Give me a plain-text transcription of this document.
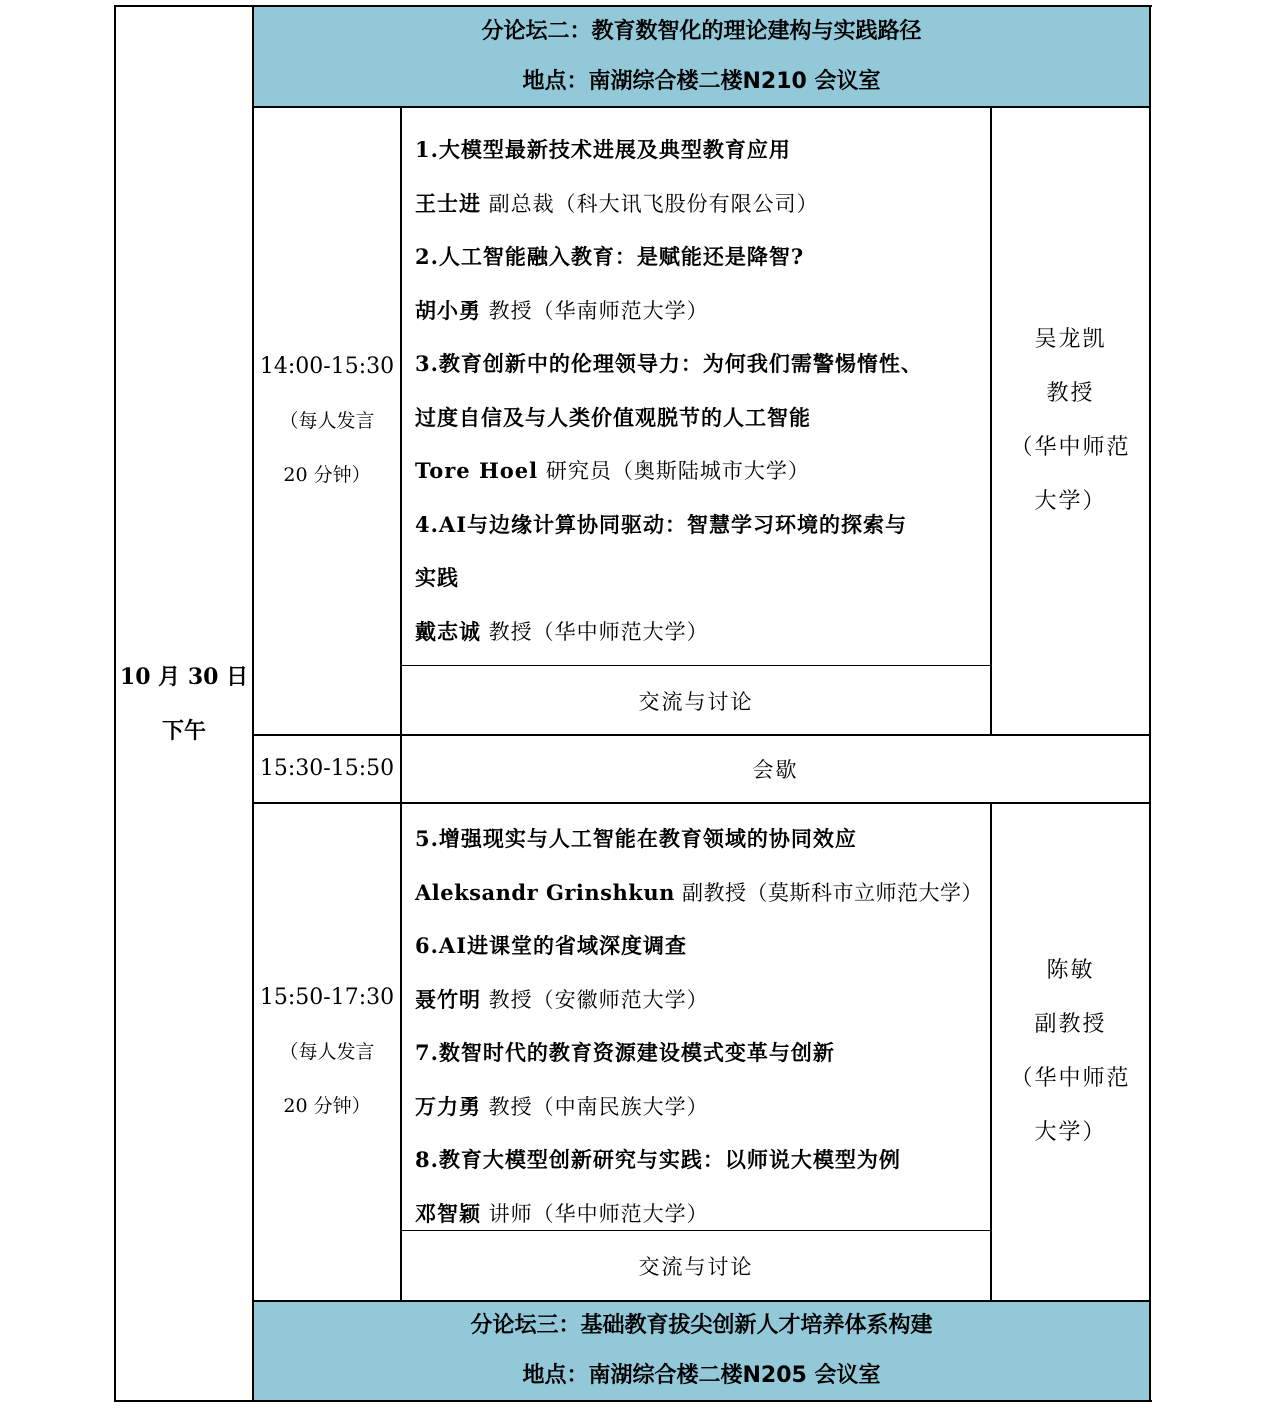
分论坛二：教育数智化的理论建构与实践路径
地点：南湖综合楼二楼N210 会议室
分论坛三：基础教育拔尖创新人才培养体系构建
地点：南湖综合楼二楼N205 会议室
10 月 30 日
下午
14:00-15:30
（每人发言
20 分钟）
1.大模型最新技术进展及典型教育应用
王士进 副总裁（科大讯飞股份有限公司）
2.人工智能融入教育：是赋能还是降智?
胡小勇 教授（华南师范大学）
3.教育创新中的伦理领导力：为何我们需警惕惰性、
过度自信及与人类价值观脱节的人工智能
Tore Hoel 研究员（奥斯陆城市大学）
4.AI与边缘计算协同驱动：智慧学习环境的探索与
实践
戴志诚 教授（华中师范大学）
交流与讨论
吴龙凯
教授
（华中师范
大学）
15:30-15:50	会歇
15:50-17:30
（每人发言
20 分钟）
5.增强现实与人工智能在教育领域的协同效应
Aleksandr Grinshkun 副教授（莫斯科市立师范大学）
6.AI进课堂的省域深度调查
聂竹明 教授（安徽师范大学）
7.数智时代的教育资源建设模式变革与创新
万力勇 教授（中南民族大学）
8.教育大模型创新研究与实践：以师说大模型为例
邓智颖 讲师（华中师范大学）
交流与讨论
陈敏
副教授
（华中师范
大学）
